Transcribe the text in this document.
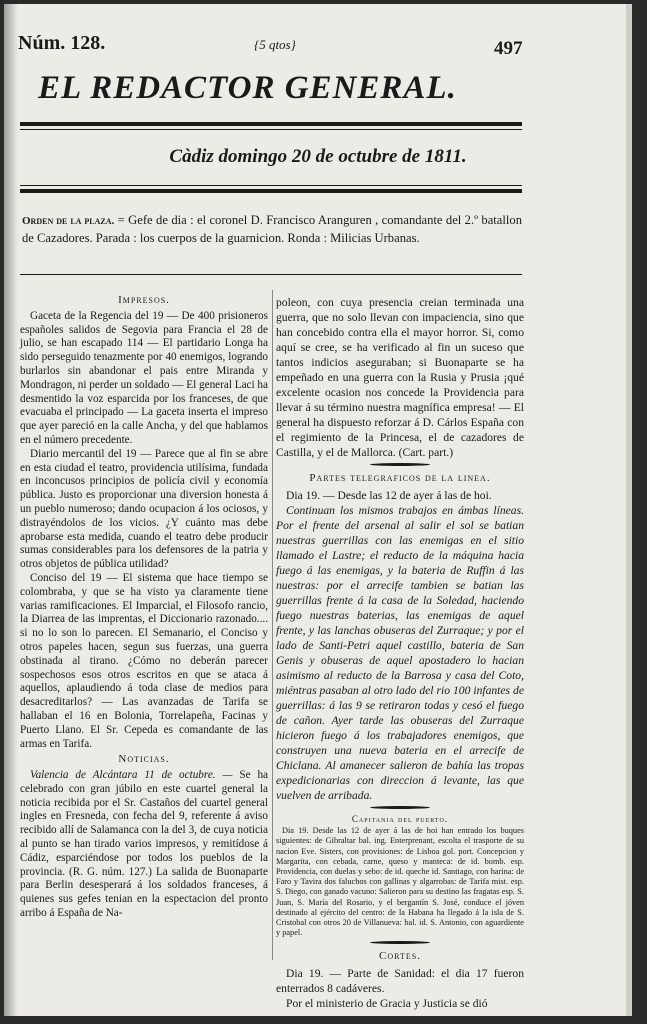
Núm. 128.	{5 qtos}	497
EL REDACTOR GENERAL.
Càdiz domingo 20 de octubre de 1811.
Orden de la plaza. = Gefe de dia : el coronel D. Francisco Aranguren , comandante del 2.º batallon de Cazadores. Parada : los cuerpos de la guarnicion. Ronda : Milicias Urbanas.
Impresos.

Gaceta de la Regencia del 19 — De 400 prisioneros españoles salidos de Segovia para Francia el 28 de julio, se han escapado 114 — El partidario Longa ha sido perseguido tenazmente por 40 enemigos, logrando burlarlos sin abandonar el pais entre Miranda y Mondragon, ni perder un soldado — El general Laci ha desmentido la voz esparcida por los franceses, de que evacuaba el principado — La gaceta inserta el impreso que ayer pareció en la calle Ancha, y del que hablamos en el número precedente.

Diario mercantil del 19 — Parece que al fin se abre en esta ciudad el teatro, providencia utilísima, fundada en inconcusos principios de policía civil y economía pública. Justo es proporcionar una diversion honesta á un pueblo numeroso; dando ocupacion á los ociosos, y distrayéndolos de los vicios. ¿Y cuánto mas debe aprobarse esta medida, cuando el teatro debe producir sumas considerables para los defensores de la patria y otros objetos de pública utilidad?

Conciso del 19 — El sistema que hace tiempo se colombraba, y que se ha visto ya claramente tiene varias ramificaciones. El Imparcial, el Filosofo rancio, la Diarrea de las imprentas, el Diccionario razonado.... si no lo son lo parecen. El Semanario, el Conciso y otros papeles hacen, segun sus fuerzas, una guerra obstinada al tirano. ¿Cómo no deberán parecer sospechosos esos otros escritos en que se ataca á aquellos, aplaudiendo á toda clase de medios para desacreditarlos? — Las avanzadas de Tarifa se hallaban el 16 en Bolonia, Torrelapeña, Facinas y Puerto Llano. El Sr. Cepeda es comandante de las armas en Tarifa.

Noticias.

Valencia de Alcántara 11 de octubre. — Se ha celebrado con gran júbilo en este cuartel general la noticia recibida por el Sr. Castaños del cuartel general ingles en Fresneda, con fecha del 9, referente á aviso recibido allí de Salamanca con la del 3, de cuya noticia al punto se han tirado varios impresos, y remitídose á Cádiz, esparciéndose por todos los pueblos de la provincia. (R. G. núm. 127.) La salida de Buonaparte para Berlin desesperará á los soldados franceses, á quienes sus gefes tenian en la espectacion del pronto arribo á España de Na-

poleon, con cuya presencia creian terminada una guerra, que no solo llevan con impaciencia, sino que han concebido contra ella el mayor horror. Si, como aquí se cree, se ha verificado al fin un suceso que tantos indicios aseguraban; si Buonaparte se ha empeñado en una guerra con la Rusia y Prusia ¡qué excelente ocasion nos concede la Providencia para llevar á su término nuestra magnífica empresa! — El general ha dispuesto reforzar á D. Cárlos España con el regimiento de la Princesa, el de cazadores de Castilla, y el de Mallorca. (Cart. part.)

Partes telegraficos de la linea.

Dia 19. — Desde las 12 de ayer á las de hoi.

Continuan los mismos trabajos en ámbas líneas. Por el frente del arsenal al salir el sol se batian nuestras guerrillas con las enemigas en el sitio llamado el Lastre; el reducto de la máquina hacia fuego á las enemigas, y la bateria de Ruffin á las nuestras: por el arrecife tambien se batian las guerrillas frente á la casa de la Soledad, haciendo fuego nuestras baterias, las enemigas de aquel frente, y las lanchas obuseras del Zurraque; y por el lado de Santi-Petri aquel castillo, bateria de San Genis y obuseras de aquel apostadero lo hacian asimismo al reducto de la Barrosa y casa del Coto, miéntras pasaban al otro lado del rio 100 infantes de guerrillas: á las 9 se retiraron todas y cesó el fuego de cañon. Ayer tarde las obuseras del Zurraque hicieron fuego á los trabajadores enemigos, que construyen una nueva bateria en el arrecife de Chiclana. Al amanecer salieron de bahía las tropas expedicionarias con direccion á levante, las que vuelven de arribada.

Capitania del puerto.

Dia 19. Desde las 12 de ayer á las de hoi han entrado los buques siguientes: de Gibraltar bal. ing. Enterprenant, escolta el trasporte de su nacion Eve. Sisters, con provisiones: de Lisboa gol. port. Concepcion y Margarita, con cebada, carne, queso y manteca: de id. bomb. esp. Providencia, con duelas y sebo: de id. queche id. Santiago, con harina: de Faro y Tavira dos faluchos con gallinas y algarrobas: de Tarifa mist. esp. S. Diego, con ganado vacuno: Salieron para su destino las fragatas esp. S. Juan, S. María del Rosario, y el bergantín S. José, conduce el jóven destinado al ejército del centro: de la Habana ha llegado á la isla de S. Cristobal con otros 20 de Villanueva: bal. id. S. Antonio, con aguardiente y papel.

Cortes.

Dia 19. — Parte de Sanidad: el dia 17 fueron enterrados 8 cadáveres.

Por el ministerio de Gracia y Justicia se dió
